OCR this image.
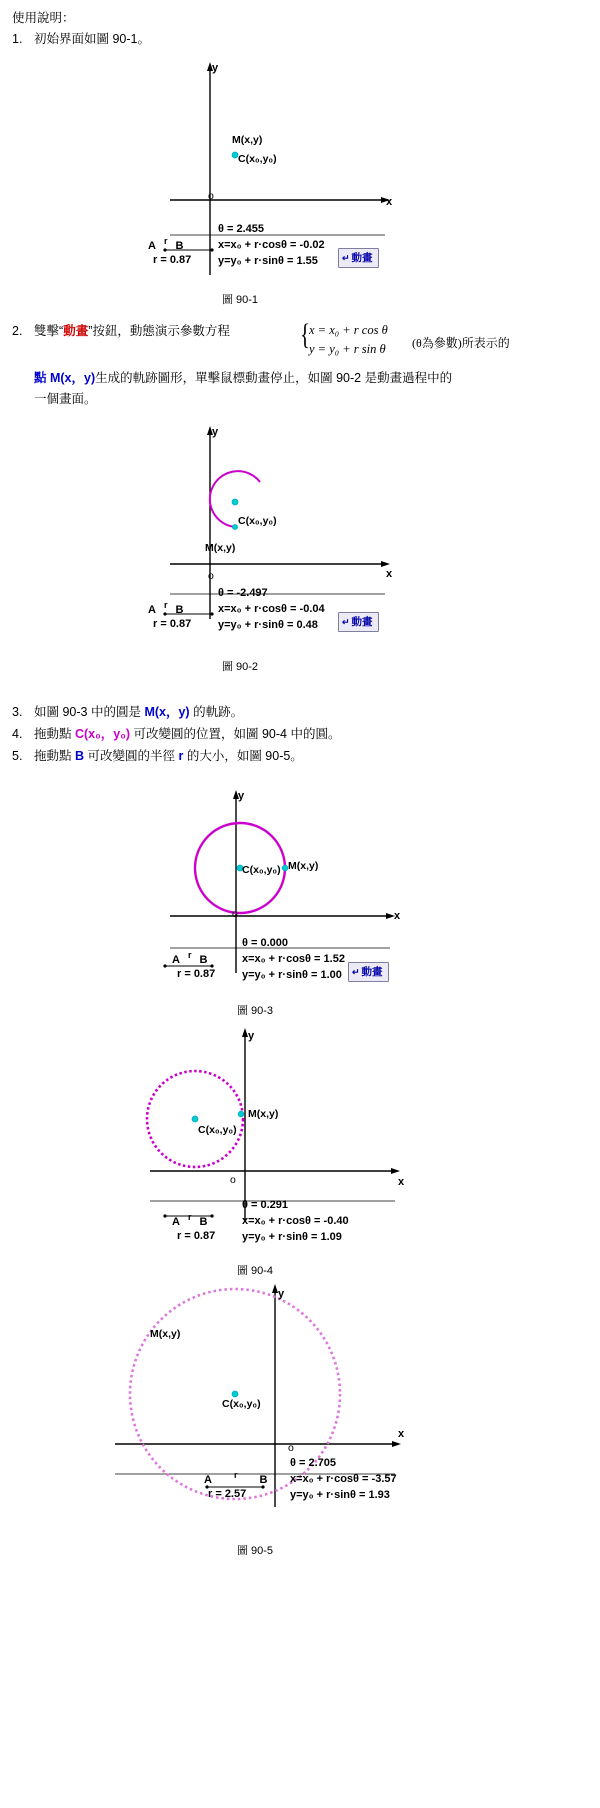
使用說明：
1. 初始界面如圖 90-1。
M(x,y)
C(x₀,y₀)
o	x
y
A $^r$ B
r = 0.87
θ = 2.455
x=x₀ + r·cosθ = -0.02
y=y₀ + r·sinθ = 1.55	↵ 動畫
圖 90-1
2. 雙擊“動畫”按鈕，動態演示參數方程	{
x = x₀ + r cos θ
y = y₀ + r sin θ (θ為參數)所表示的
點 M(x，y)生成的軌跡圖形，單擊鼠標動畫停止，如圖 90-2 是動畫過程中的
一個畫面。
C(x₀,y₀)
M(x,y)
o	x
y
A $^r$ B
r = 0.87
θ = -2.497
x=x₀ + r·cosθ = -0.04
y=y₀ + r·sinθ = 0.48	↵ 動畫
圖 90-2
3. 如圖 90-3 中的圓是 M(x，y) 的軌跡。
4. 拖動點 C(x₀，y₀) 可改變圓的位置，如圖 90-4 中的圓。
5. 拖動點 B 可改變圓的半徑 r 的大小，如圖 90-5。
C(x₀,y₀) M(x,y)
o	x
y
A $^r$ B
r = 0.87
θ = 0.000
x=x₀ + r·cosθ = 1.52
y=y₀ + r·sinθ = 1.00	↵ 動畫
圖 90-3
C(x₀,y₀)
M(x,y)
o	x
y
A $^r$ B
r = 0.87
θ = 0.291
x=x₀ + r·cosθ = -0.40
y=y₀ + r·sinθ = 1.09
圖 90-4
C(x₀,y₀)
M(x,y)
o
x
y
A $^r$ B
r = 2.57
θ = 2.705
x=x₀ + r·cosθ = -3.57
y=y₀ + r·sinθ = 1.93
圖 90-5
